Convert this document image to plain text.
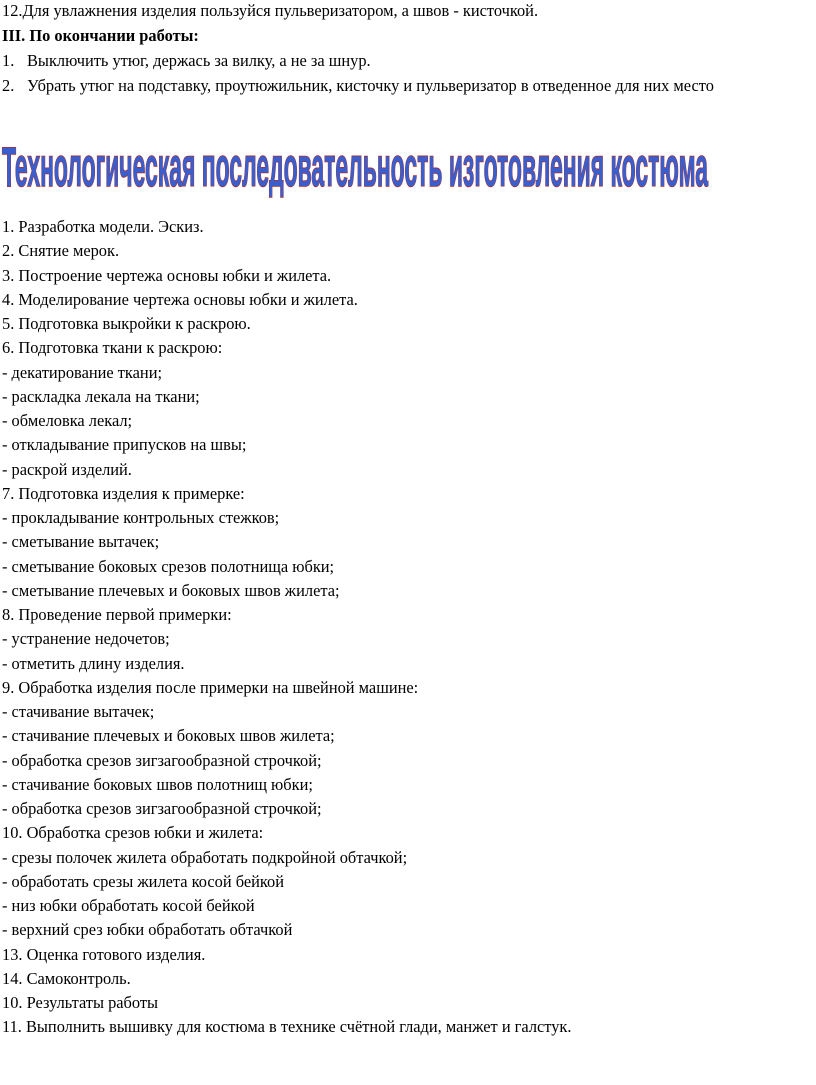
12.Для увлажнения изделия пользуйся пульверизатором, а швов - кисточкой.
III. По окончании работы:
1. Выключить утюг, держась за вилку, а не за шнур.
2. Убрать утюг на подставку, проутюжильник, кисточку и пульверизатор в отведенное для них место
Технологическая последовательность изготовления костюма
1. Разработка модели. Эскиз.
2. Снятие мерок.
3. Построение чертежа основы юбки и жилета.
4. Моделирование чертежа основы юбки и жилета.
5. Подготовка выкройки к раскрою.
6. Подготовка ткани к раскрою:
- декатирование ткани;
- раскладка лекала на ткани;
- обмеловка лекал;
- откладывание припусков на швы;
- раскрой изделий.
7. Подготовка изделия к примерке:
- прокладывание контрольных стежков;
- сметывание вытачек;
- сметывание боковых срезов полотнища юбки;
- сметывание плечевых и боковых швов жилета;
8. Проведение первой примерки:
- устранение недочетов;
- отметить длину изделия.
9. Обработка изделия после примерки на швейной машине:
- стачивание вытачек;
- стачивание плечевых и боковых швов жилета;
- обработка срезов зигзагообразной строчкой;
- стачивание боковых швов полотнищ юбки;
- обработка срезов зигзагообразной строчкой;
10. Обработка срезов юбки и жилета:
- срезы полочек жилета обработать подкройной обтачкой;
- обработать срезы жилета косой бейкой
- низ юбки обработать косой бейкой
- верхний срез юбки обработать обтачкой
13. Оценка готового изделия.
14. Самоконтроль.
10. Результаты работы
11. Выполнить вышивку для костюма в технике счётной глади, манжет и галстук.
